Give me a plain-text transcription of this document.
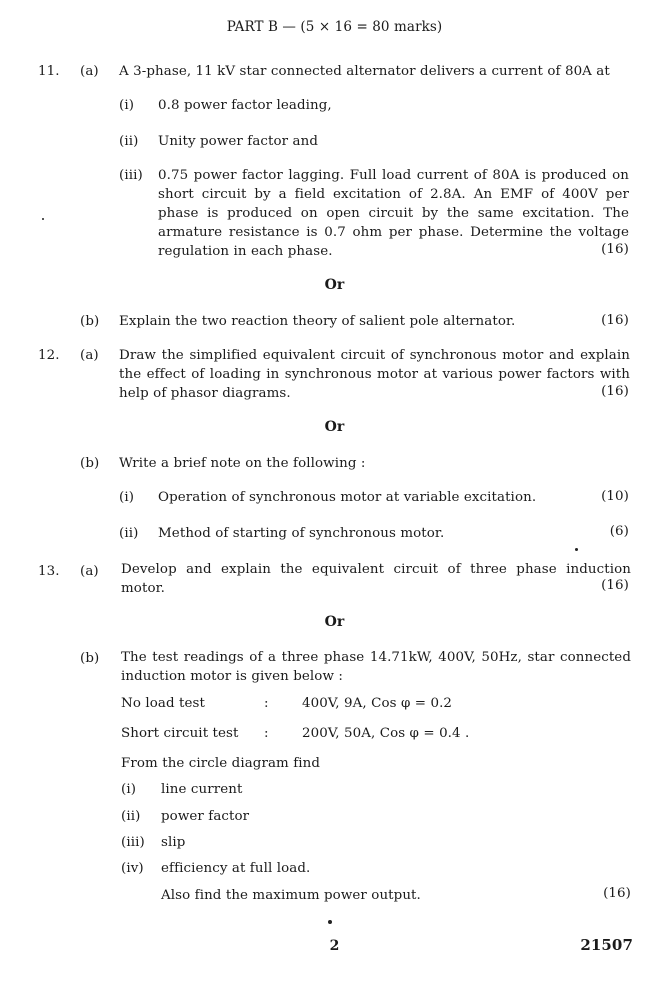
PART B — (5 × 16 = 80 marks)
11. (a) A 3-phase, 11 kV star connected alternator delivers a current of 80A at
(i) 0.8 power factor leading,
(ii) Unity power factor and
(iii) 0.75 power factor lagging. Full load current of 80A is produced on short circuit by a field excitation of 2.8A. An EMF of 400V per phase is produced on open circuit by the same excitation. The armature resistance is 0.7 ohm per phase. Determine the voltage regulation in each phase.	(16)
Or
(b) Explain the two reaction theory of salient pole alternator.	(16)
12. (a) Draw the simplified equivalent circuit of synchronous motor and explain the effect of loading in synchronous motor at various power factors with help of phasor diagrams.	(16)
Or
(b) Write a brief note on the following :
(i) Operation of synchronous motor at variable excitation.	(10)
(ii) Method of starting of synchronous motor.	(6)
13. (a) Develop and explain the equivalent circuit of three phase induction motor.	(16)
Or
(b) The test readings of a three phase 14.71kW, 400V, 50Hz, star connected induction motor is given below :
No load test	: 400V, 9A, Cos φ = 0.2
Short circuit test : 200V, 50A, Cos φ = 0.4 .
From the circle diagram find
(i) line current
(ii) power factor
(iii) slip
(iv) efficiency at full load.
Also find the maximum power output.	(16)
2	21507
